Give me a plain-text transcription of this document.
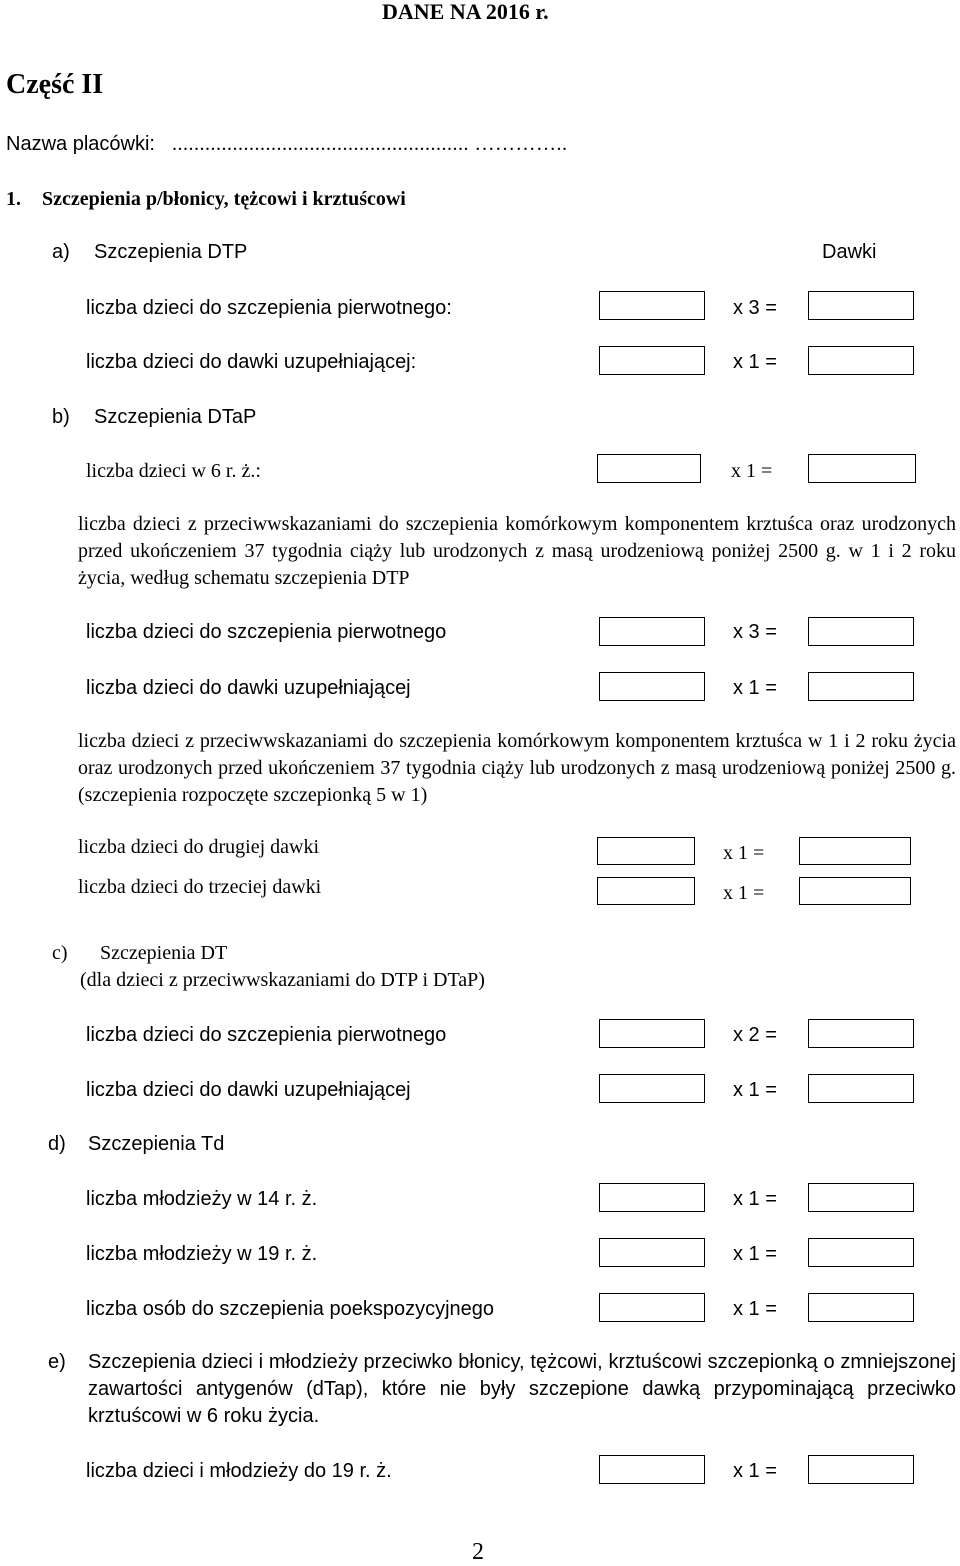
DANE NA 2016 r.
Część II
Nazwa placówki: ...................................................... …………..
1. Szczepienia p/błonicy, tężcowi i krztuścowi
a) Szczepienia DTP	Dawki
liczba dzieci do szczepienia pierwotnego:	x 3 =
liczba dzieci do dawki uzupełniającej:	x 1 =
b) Szczepienia DTaP
liczba dzieci w 6 r. ż.:	x 1 =
liczba dzieci z przeciwwskazaniami do szczepienia komórkowym komponentem krztuśca oraz urodzonych przed ukończeniem 37 tygodnia ciąży lub urodzonych z masą urodzeniową poniżej 2500 g. w 1 i 2 roku życia, według schematu szczepienia DTP
liczba dzieci do szczepienia pierwotnego	x 3 =
liczba dzieci do dawki uzupełniającej	x 1 =
liczba dzieci z przeciwwskazaniami do szczepienia komórkowym komponentem krztuśca w 1 i 2 roku życia oraz urodzonych przed ukończeniem 37 tygodnia ciąży lub urodzonych z masą urodzeniową poniżej 2500 g. (szczepienia rozpoczęte szczepionką 5 w 1)
liczba dzieci do drugiej dawki	x 1 =
liczba dzieci do trzeciej dawki	x 1 =
c) Szczepienia DT
(dla dzieci z przeciwwskazaniami do DTP i DTaP)
liczba dzieci do szczepienia pierwotnego	x 2 =
liczba dzieci do dawki uzupełniającej	x 1 =
d) Szczepienia Td
liczba młodzieży w 14 r. ż.	x 1 =
liczba młodzieży w 19 r. ż.	x 1 =
liczba osób do szczepienia poekspozycyjnego	x 1 =
e) Szczepienia dzieci i młodzieży przeciwko błonicy, tężcowi, krztuścowi szczepionką o zmniejszonej zawartości antygenów (dTap), które nie były szczepione dawką przypominającą przeciwko krztuścowi w 6 roku życia.
liczba dzieci i młodzieży do 19 r. ż.	x 1 =
2
